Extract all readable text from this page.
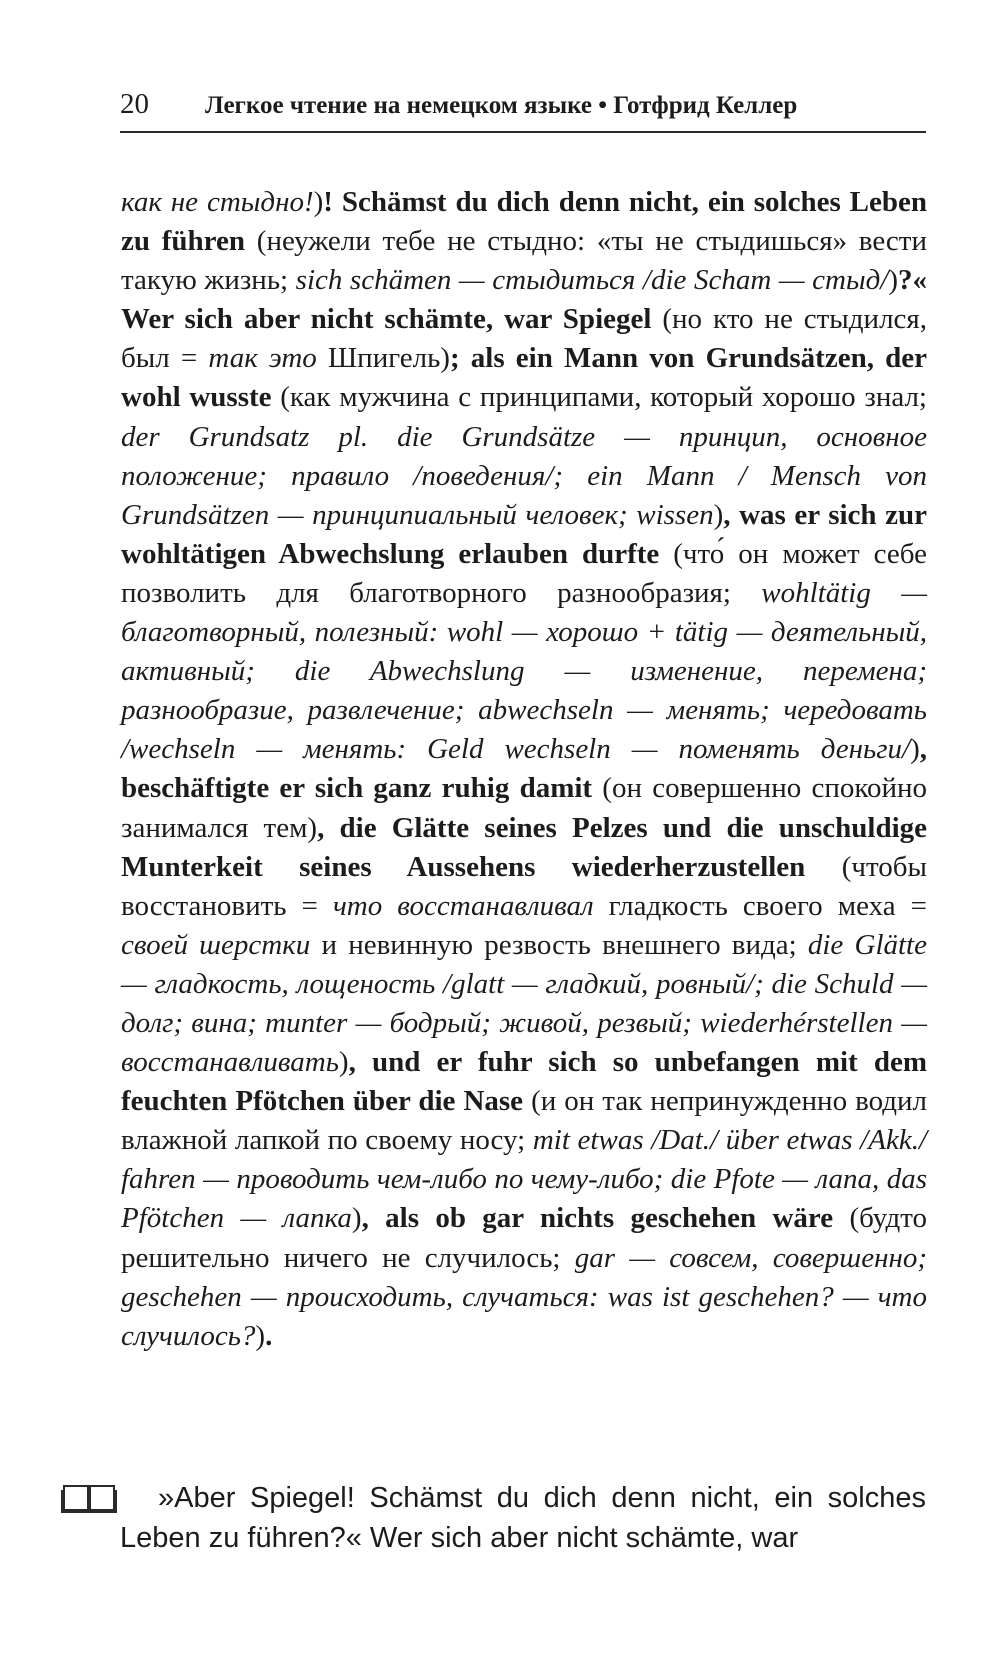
20 Легкое чтение на немецком языке • Готфрид Келлер
как не стыдно!)! Schämst du dich denn nicht, ein solches Leben zu führen (неужели тебе не стыдно: «ты не стыдишься» вести такую жизнь; sich schämen — стыдиться /die Scham — стыд/)?« Wer sich aber nicht schämte, war Spiegel (но кто не стыдился, был = так это Шпигель); als ein Mann von Grundsätzen, der wohl wusste (как мужчина с принципами, который хорошо знал; der Grundsatz pl. die Grundsätze — принцип, основное положение; правило /поведения/; ein Mann / Mensch von Grundsätzen — принципиальный человек; wissen), was er sich zur wohltätigen Abwechslung erlauben durfte (что́ он может себе позволить для благотворного разнообразия; wohltätig — благотворный, полезный: wohl — хорошо + tätig — деятельный, активный; die Abwechslung — изменение, перемена; разнообразие, развлечение; abwechseln — менять; чередовать /wechseln — менять: Geld wechseln — поменять деньги/), beschäftigte er sich ganz ruhig damit (он совершенно спокойно занимался тем), die Glätte seines Pelzes und die unschuldige Munterkeit seines Aussehens wiederherzustellen (чтобы восстановить = что восстанавливал гладкость своего меха = своей шерстки и невинную резвость внешнего вида; die Glätte — гладкость, лощеность /glatt — гладкий, ровный/; die Schuld — долг; вина; munter — бодрый; живой, резвый; wiederhérstellen — восстанавливать), und er fuhr sich so unbefangen mit dem feuchten Pfötchen über die Nase (и он так непринужденно водил влажной лапкой по своему носу; mit etwas /Dat./ über etwas /Akk./ fahren — проводить чем-либо по чему-либо; die Pfote — лапа, das Pfötchen — лапка), als ob gar nichts geschehen wäre (будто решительно ничего не случилось; gar — совсем, совершенно; geschehen — происходить, случаться: was ist geschehen? — что случилось?).
»Aber Spiegel! Schämst du dich denn nicht, ein solches Leben zu führen?« Wer sich aber nicht schämte, war
